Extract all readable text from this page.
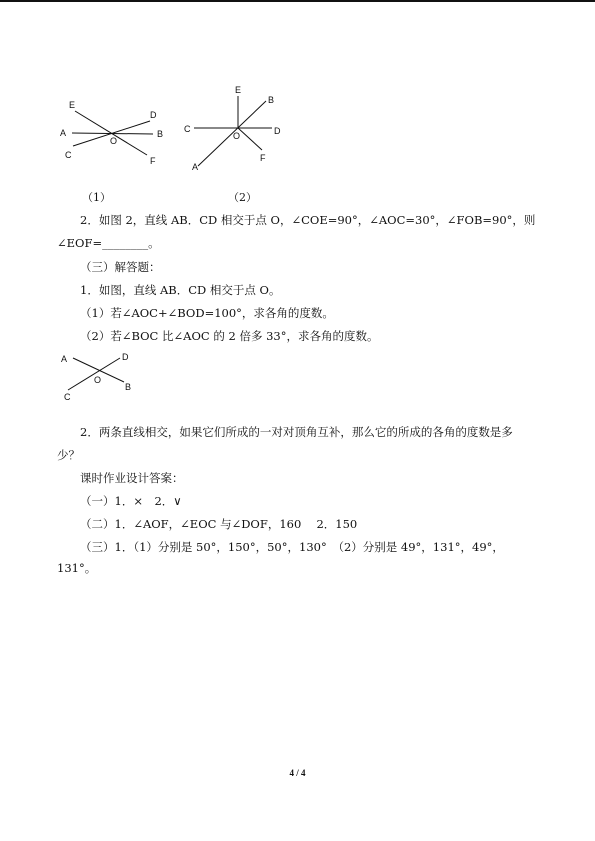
E
D
A
O
B
C
F
（1）
E
B
C	D
O
A
F
（2）
2．如图 2，直线 AB．CD 相交于点 O，∠COE=90°，∠AOC=30°，∠FOB=90°，则
∠EOF=________。
（三）解答题：
1．如图，直线 AB．CD 相交于点 O。
（1）若∠AOC+∠BOD=100°，求各角的度数。
（2）若∠BOC 比∠AOC 的 2 倍多 33°，求各角的度数。
A	D
O
C
B
2．两条直线相交，如果它们所成的一对对顶角互补，那么它的所成的各角的度数是多
少？
课时作业设计答案：
（一）1．×　2．∨
（二）1．∠AOF，∠EOC 与∠DOF，160　 2．150
（三）1．（1）分别是 50°，150°，50°，130°　（2）分别是 49°，131°，49°，
131°。
4 / 4
